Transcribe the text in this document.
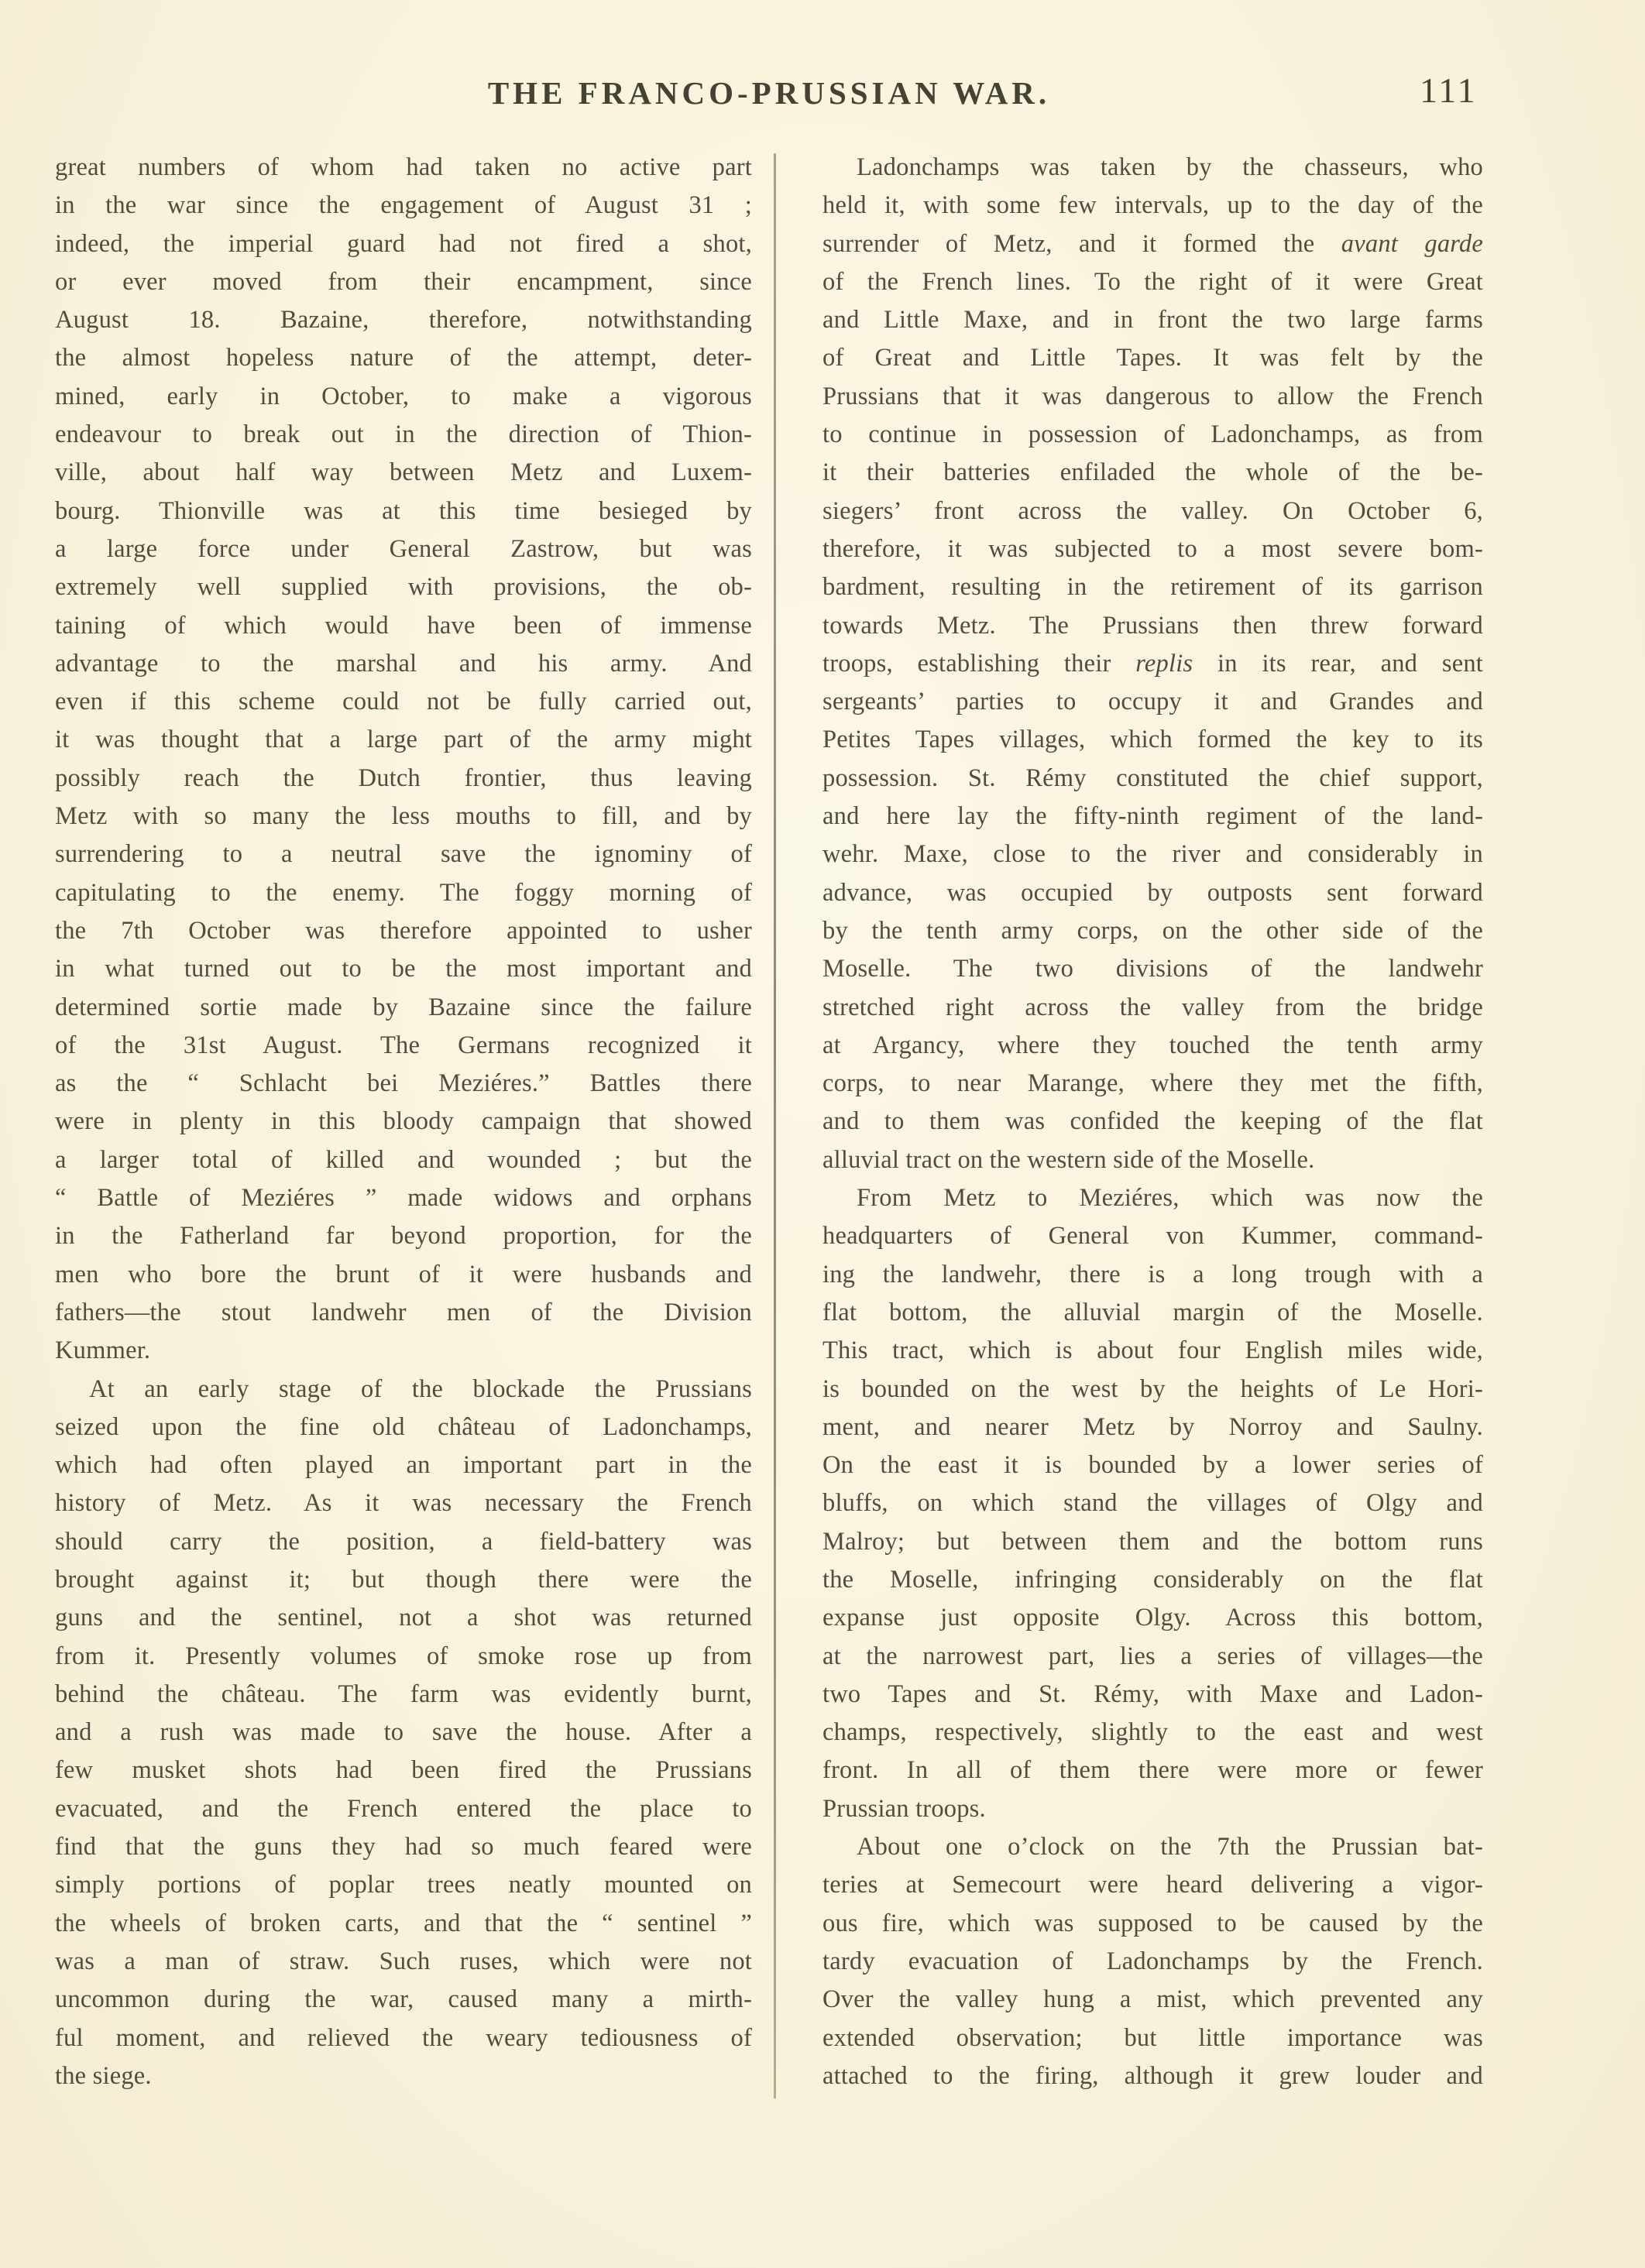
THE FRANCO-PRUSSIAN WAR.	111
great numbers of whom had taken no active part
in the war since the engagement of August 31 ;
indeed, the imperial guard had not fired a shot,
or ever moved from their encampment, since
August 18. Bazaine, therefore, notwithstanding
the almost hopeless nature of the attempt, deter-
mined, early in October, to make a vigorous
endeavour to break out in the direction of Thion-
ville, about half way between Metz and Luxem-
bourg. Thionville was at this time besieged by
a large force under General Zastrow, but was
extremely well supplied with provisions, the ob-
taining of which would have been of immense
advantage to the marshal and his army. And
even if this scheme could not be fully carried out,
it was thought that a large part of the army might
possibly reach the Dutch frontier, thus leaving
Metz with so many the less mouths to fill, and by
surrendering to a neutral save the ignominy of
capitulating to the enemy. The foggy morning of
the 7th October was therefore appointed to usher
in what turned out to be the most important and
determined sortie made by Bazaine since the failure
of the 31st August. The Germans recognized it
as the “ Schlacht bei Meziéres.” Battles there
were in plenty in this bloody campaign that showed
a larger total of killed and wounded ; but the
“ Battle of Meziéres ” made widows and orphans
in the Fatherland far beyond proportion, for the
men who bore the brunt of it were husbands and
fathers—the stout landwehr men of the Division
Kummer.
At an early stage of the blockade the Prussians
seized upon the fine old château of Ladonchamps,
which had often played an important part in the
history of Metz. As it was necessary the French
should carry the position, a field-battery was
brought against it; but though there were the
guns and the sentinel, not a shot was returned
from it. Presently volumes of smoke rose up from
behind the château. The farm was evidently burnt,
and a rush was made to save the house. After a
few musket shots had been fired the Prussians
evacuated, and the French entered the place to
find that the guns they had so much feared were
simply portions of poplar trees neatly mounted on
the wheels of broken carts, and that the “ sentinel ”
was a man of straw. Such ruses, which were not
uncommon during the war, caused many a mirth-
ful moment, and relieved the weary tediousness of
the siege.
Ladonchamps was taken by the chasseurs, who
held it, with some few intervals, up to the day of the
surrender of Metz, and it formed the avant garde
of the French lines. To the right of it were Great
and Little Maxe, and in front the two large farms
of Great and Little Tapes. It was felt by the
Prussians that it was dangerous to allow the French
to continue in possession of Ladonchamps, as from
it their batteries enfiladed the whole of the be-
siegers’ front across the valley. On October 6,
therefore, it was subjected to a most severe bom-
bardment, resulting in the retirement of its garrison
towards Metz. The Prussians then threw forward
troops, establishing their replis in its rear, and sent
sergeants’ parties to occupy it and Grandes and
Petites Tapes villages, which formed the key to its
possession. St. Rémy constituted the chief support,
and here lay the fifty-ninth regiment of the land-
wehr. Maxe, close to the river and considerably in
advance, was occupied by outposts sent forward
by the tenth army corps, on the other side of the
Moselle. The two divisions of the landwehr
stretched right across the valley from the bridge
at Argancy, where they touched the tenth army
corps, to near Marange, where they met the fifth,
and to them was confided the keeping of the flat
alluvial tract on the western side of the Moselle.
From Metz to Meziéres, which was now the
headquarters of General von Kummer, command-
ing the landwehr, there is a long trough with a
flat bottom, the alluvial margin of the Moselle.
This tract, which is about four English miles wide,
is bounded on the west by the heights of Le Hori-
ment, and nearer Metz by Norroy and Saulny.
On the east it is bounded by a lower series of
bluffs, on which stand the villages of Olgy and
Malroy; but between them and the bottom runs
the Moselle, infringing considerably on the flat
expanse just opposite Olgy. Across this bottom,
at the narrowest part, lies a series of villages—the
two Tapes and St. Rémy, with Maxe and Ladon-
champs, respectively, slightly to the east and west
front. In all of them there were more or fewer
Prussian troops.
About one o’clock on the 7th the Prussian bat-
teries at Semecourt were heard delivering a vigor-
ous fire, which was supposed to be caused by the
tardy evacuation of Ladonchamps by the French.
Over the valley hung a mist, which prevented any
extended observation; but little importance was
attached to the firing, although it grew louder and
